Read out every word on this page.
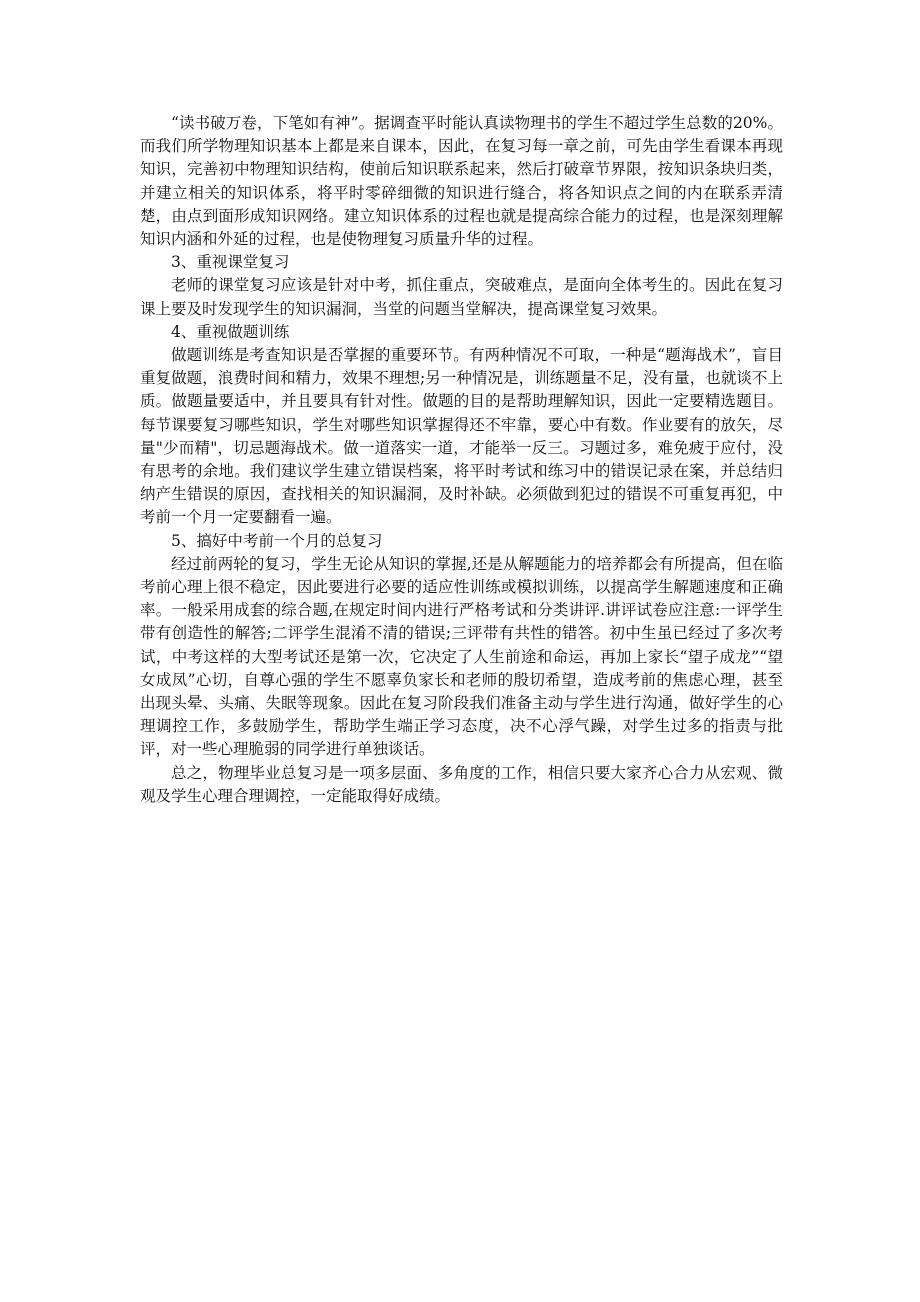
“读书破万卷，下笔如有神”。据调查平时能认真读物理书的学生不超过学生总数的20%。而我们所学物理知识基本上都是来自课本，因此，在复习每一章之前，可先由学生看课本再现知识，完善初中物理知识结构，使前后知识联系起来，然后打破章节界限，按知识条块归类，并建立相关的知识体系，将平时零碎细微的知识进行缝合，将各知识点之间的内在联系弄清楚，由点到面形成知识网络。建立知识体系的过程也就是提高综合能力的过程，也是深刻理解知识内涵和外延的过程，也是使物理复习质量升华的过程。

3、重视课堂复习

老师的课堂复习应该是针对中考，抓住重点，突破难点，是面向全体考生的。因此在复习课上要及时发现学生的知识漏洞，当堂的问题当堂解决，提高课堂复习效果。

4、重视做题训练

做题训练是考查知识是否掌握的重要环节。有两种情况不可取，一种是“题海战术”，盲目重复做题，浪费时间和精力，效果不理想;另一种情况是，训练题量不足，没有量，也就谈不上质。做题量要适中，并且要具有针对性。做题的目的是帮助理解知识，因此一定要精选题目。每节课要复习哪些知识，学生对哪些知识掌握得还不牢靠，要心中有数。作业要有的放矢，尽量"少而精"，切忌题海战术。做一道落实一道，才能举一反三。习题过多，难免疲于应付，没有思考的余地。我们建议学生建立错误档案，将平时考试和练习中的错误记录在案，并总结归纳产生错误的原因，查找相关的知识漏洞，及时补缺。必须做到犯过的错误不可重复再犯，中考前一个月一定要翻看一遍。

5、搞好中考前一个月的总复习

经过前两轮的复习，学生无论从知识的掌握,还是从解题能力的培养都会有所提高，但在临考前心理上很不稳定，因此要进行必要的适应性训练或模拟训练，以提高学生解题速度和正确率。一般采用成套的综合题,在规定时间内进行严格考试和分类讲评.讲评试卷应注意:一评学生带有创造性的解答;二评学生混淆不清的错误;三评带有共性的错答。初中生虽已经过了多次考试，中考这样的大型考试还是第一次，它决定了人生前途和命运，再加上家长“望子成龙”“望女成凤”心切，自尊心强的学生不愿辜负家长和老师的殷切希望，造成考前的焦虑心理，甚至出现头晕、头痛、失眠等现象。因此在复习阶段我们准备主动与学生进行沟通，做好学生的心理调控工作，多鼓励学生，帮助学生端正学习态度，决不心浮气躁，对学生过多的指责与批评，对一些心理脆弱的同学进行单独谈话。

总之，物理毕业总复习是一项多层面、多角度的工作，相信只要大家齐心合力从宏观、微观及学生心理合理调控，一定能取得好成绩。
